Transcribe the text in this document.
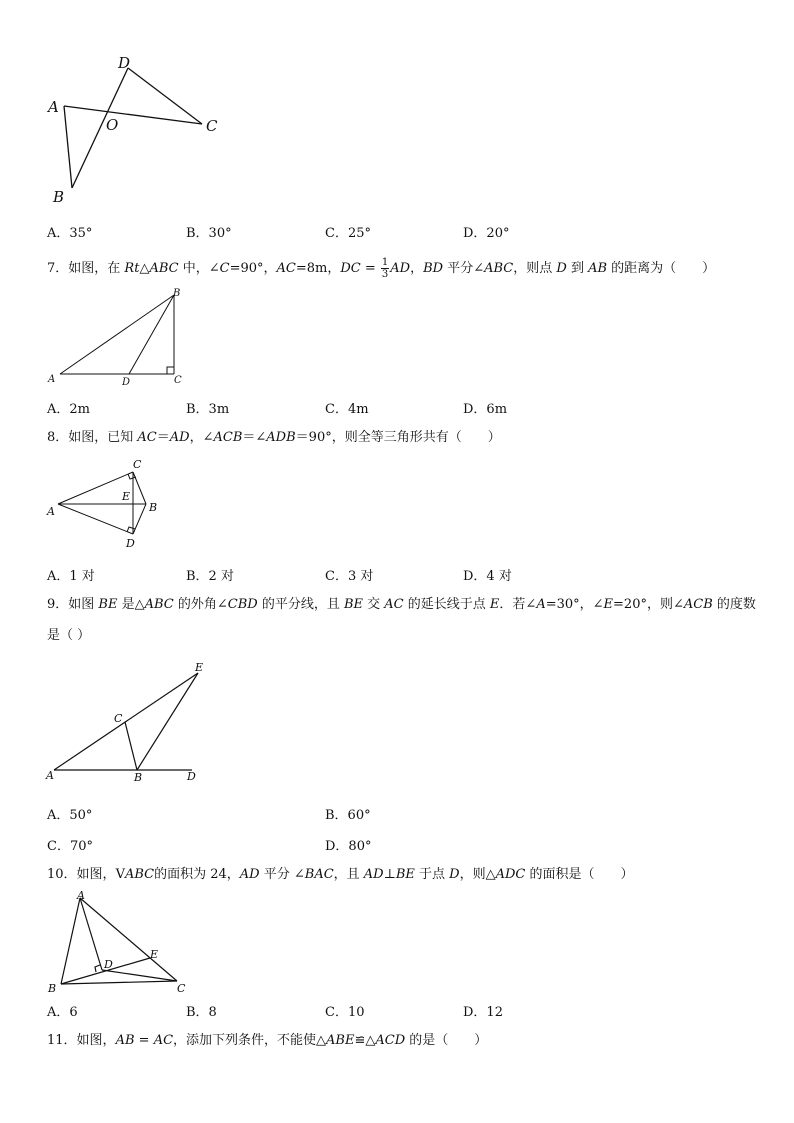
A
B
D
C
O
A．35°	B．30°	C．25°	D．20°
7．如图，在 Rt△ABC 中，∠C=90°，AC=8m，DC = $\frac{1}{3}$ AD，BD 平分∠ABC，则点 D 到 AB 的距离为（　　）
A
B
C
D
A．2m	B．3m	C．4m	D．6m
8．如图，已知 AC＝AD，∠ACB＝∠ADB＝90°，则全等三角形共有（　　）
A	B
C
D
E
A．1 对	B．2 对	C．3 对	D．4 对
9．如图 BE 是△ABC 的外角∠CBD 的平分线，且 BE 交 AC 的延长线于点 E．若∠A=30°，∠E=20°，则∠ACB 的度数
是（ ）
A	B
C
D
E
A．50°	B．60°
C．70°	D．80°
10．如图，VABC的面积为 24，AD 平分 ∠BAC，且 AD⊥BE 于点 D，则△ADC 的面积是（　　）
A
B	C
D
E
A．6	B．8	C．10	D．12
11．如图，AB = AC，添加下列条件，不能使△ABE≌△ACD 的是（　　）
